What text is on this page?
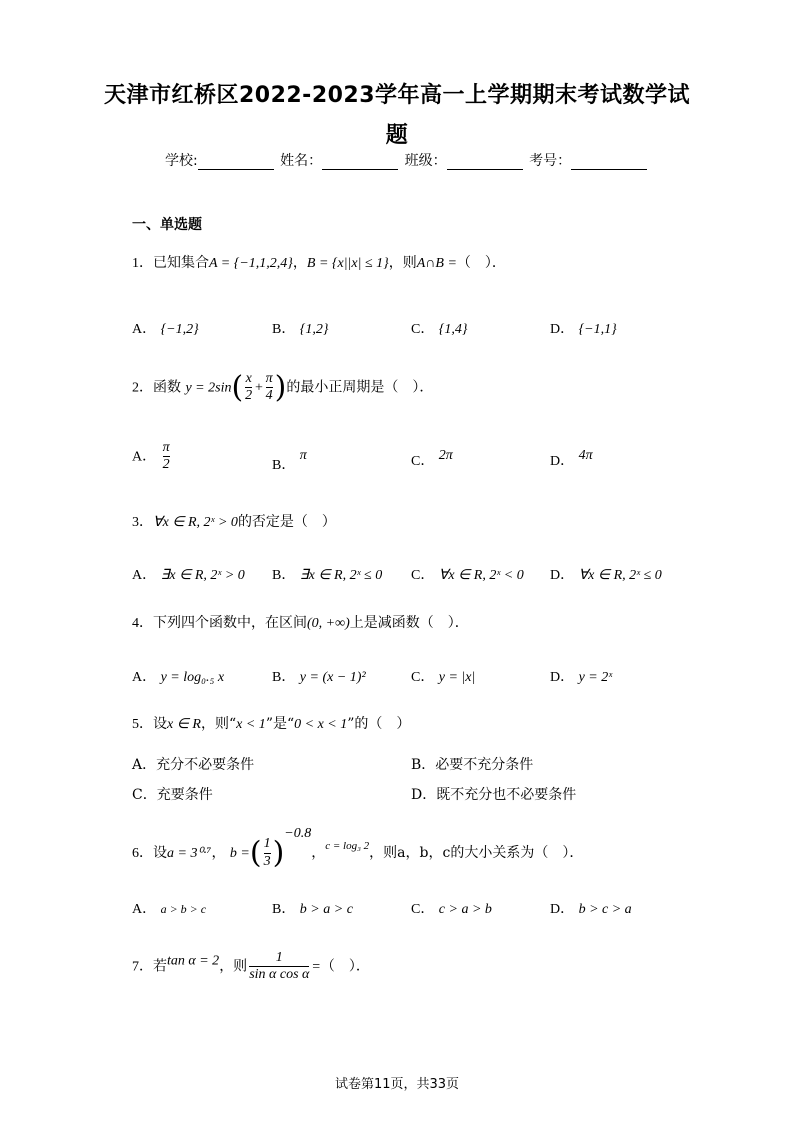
天津市红桥区2022-2023学年高一上学期期末考试数学试
题
学校:	姓名：	班级：	考号：
一、单选题
1．已知集合A = {−1,1,2,4}，B = {x||x| ≤ 1}，则A∩B =（　）．
A． {−1,2}	B． {1,2}	C． {1,4}	D． {−1,1}
2．函数 $y = 2\sin( \frac{x}{2} + \frac{\pi}{4}$ )的最小正周期是（　）．
A． $\frac{\pi}{2}$	B． π	C． 2π	D． 4π
3．∀x ∈ R, 2ˣ > 0的否定是（　）
A． ∃x ∈ R, 2ˣ > 0 B． ∃x ∈ R, 2ˣ ≤ 0 C． ∀x ∈ R, 2ˣ < 0 D． ∀x ∈ R, 2ˣ ≤ 0
4．下列四个函数中，在区间(0, +∞)上是减函数（　）．
A． y = log₀.₅ x	B． y = (x − 1)²	C． y = |x|	D． y = 2ˣ
5．设x ∈ R，则“x < 1”是“0 < x < 1”的（　）
A．充分不必要条件	B．必要不充分条件
C．充要条件	D．既不充分也不必要条件
6．设a = 3⁰·⁷， b =( $\frac{1}{3} )^{-0.8}$，$^{c = log_3 2}$，则a，b，c的大小关系为（　）．
A． a > b > c	B． b > a > c	C． c > a > b	D． b > c > a
7．若tan α = 2，则 $\frac{1}{\text{sin α cos α}}$ =（　）．
试卷第11页，共33页
